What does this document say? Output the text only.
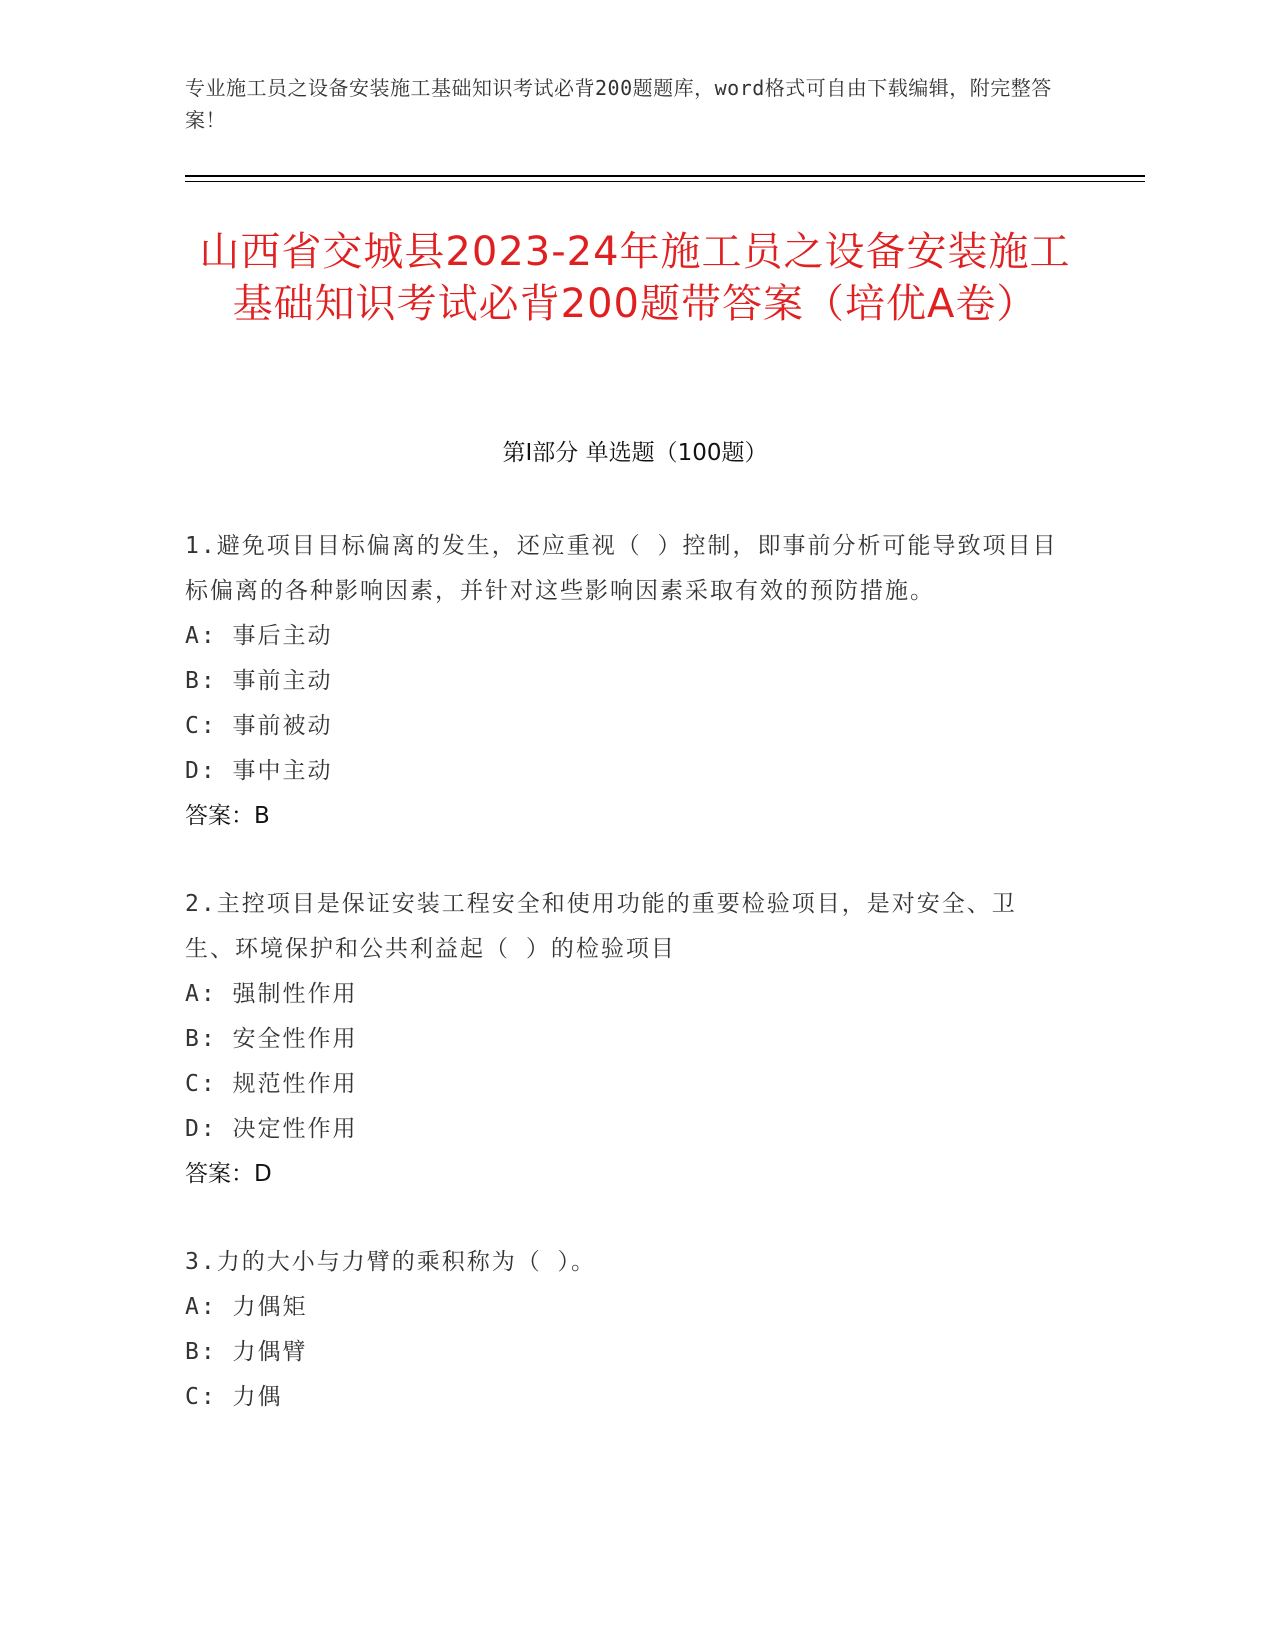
专业施工员之设备安装施工基础知识考试必背200题题库，word格式可自由下载编辑，附完整答案！
山西省交城县2023-24年施工员之设备安装施工基础知识考试必背200题带答案（培优A卷）
第I部分 单选题（100题）
1.避免项目目标偏离的发生，还应重视（ ）控制，即事前分析可能导致项目目标偏离的各种影响因素，并针对这些影响因素采取有效的预防措施。
A: 事后主动
B: 事前主动
C: 事前被动
D: 事中主动
答案：B
2.主控项目是保证安装工程安全和使用功能的重要检验项目，是对安全、卫生、环境保护和公共利益起（ ）的检验项目
A: 强制性作用
B: 安全性作用
C: 规范性作用
D: 决定性作用
答案：D
3.力的大小与力臂的乘积称为（ ）。
A: 力偶矩
B: 力偶臂
C: 力偶
